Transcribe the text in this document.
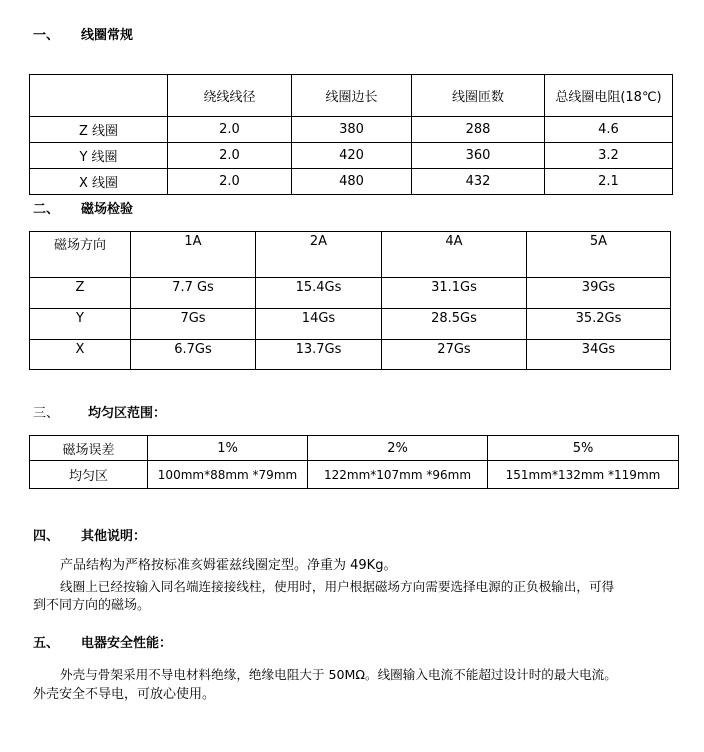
一、 线圈常规
	绕线线径	线圈边长	线圈匝数	总线圈电阻(18℃)
Z 线圈	2.0	380	288	4.6
Y 线圈	2.0	420	360	3.2
X 线圈	2.0	480	432	2.1
二、 磁场检验
磁场方向	1A	2A	4A	5A
Z	7.7 Gs	15.4Gs	31.1Gs	39Gs
Y	7Gs	14Gs	28.5Gs	35.2Gs
X	6.7Gs	13.7Gs	27Gs	34Gs
三、 均匀区范围：
磁场误差	1%	2%	5%
均匀区	100mm*88mm *79mm	122mm*107mm *96mm	151mm*132mm *119mm
四、 其他说明：
产品结构为严格按标准亥姆霍兹线圈定型。净重为 49Kg。
线圈上已经按输入同名端连接接线柱，使用时，用户根据磁场方向需要选择电源的正负极输出，可得
到不同方向的磁场。
五、 电器安全性能：
外壳与骨架采用不导电材料绝缘，绝缘电阻大于 50MΩ。线圈输入电流不能超过设计时的最大电流。
外壳安全不导电，可放心使用。
